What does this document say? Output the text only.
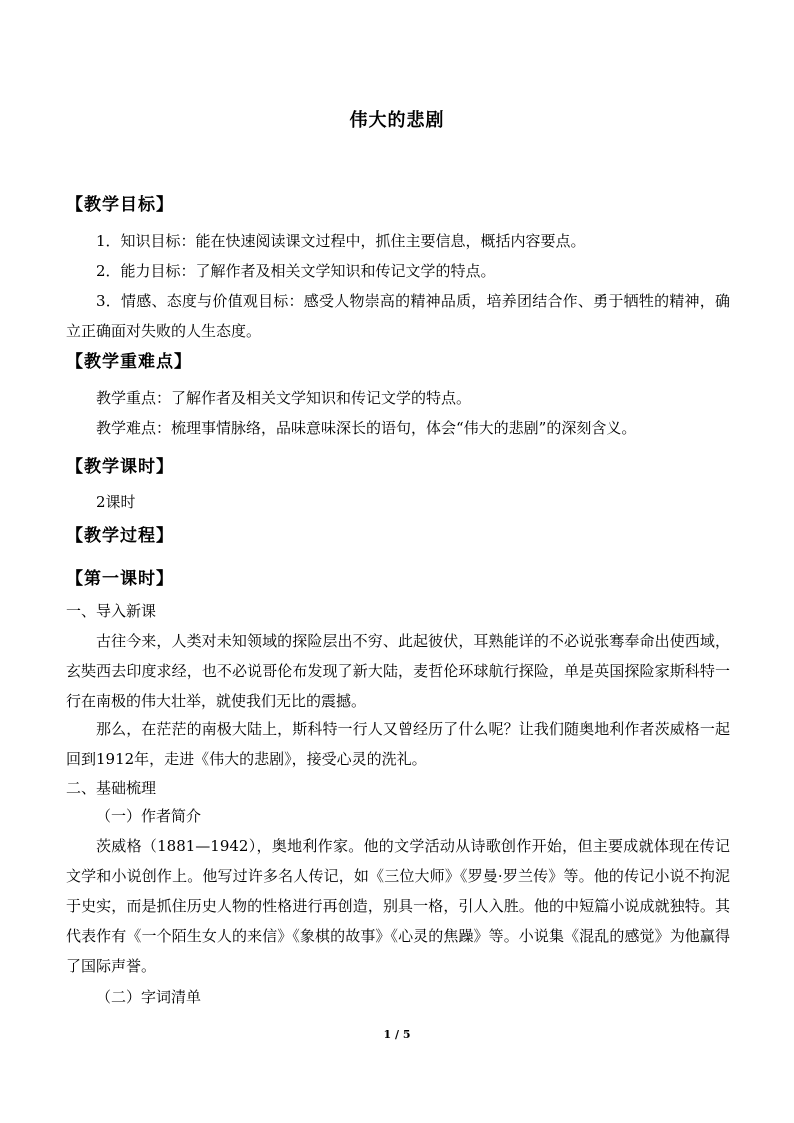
伟大的悲剧
【教学目标】
1．知识目标：能在快速阅读课文过程中，抓住主要信息，概括内容要点。
2．能力目标：了解作者及相关文学知识和传记文学的特点。
3．情感、态度与价值观目标：感受人物崇高的精神品质，培养团结合作、勇于牺牲的精神，确立正确面对失败的人生态度。
【教学重难点】
教学重点：了解作者及相关文学知识和传记文学的特点。
教学难点：梳理事情脉络，品味意味深长的语句，体会“伟大的悲剧”的深刻含义。
【教学课时】
2课时
【教学过程】
【第一课时】
一、导入新课
古往今来，人类对未知领域的探险层出不穷、此起彼伏，耳熟能详的不必说张骞奉命出使西域，玄奘西去印度求经，也不必说哥伦布发现了新大陆，麦哲伦环球航行探险，单是英国探险家斯科特一行在南极的伟大壮举，就使我们无比的震撼。
那么，在茫茫的南极大陆上，斯科特一行人又曾经历了什么呢？让我们随奥地利作者茨威格一起回到1912年，走进《伟大的悲剧》，接受心灵的洗礼。
二、基础梳理
（一）作者简介
茨威格（1881—1942），奥地利作家。他的文学活动从诗歌创作开始，但主要成就体现在传记文学和小说创作上。他写过许多名人传记，如《三位大师》《罗曼·罗兰传》等。他的传记小说不拘泥于史实，而是抓住历史人物的性格进行再创造，别具一格，引人入胜。他的中短篇小说成就独特。其代表作有《一个陌生女人的来信》《象棋的故事》《心灵的焦躁》等。小说集《混乱的感觉》为他赢得了国际声誉。
（二）字词清单
1 / 5
